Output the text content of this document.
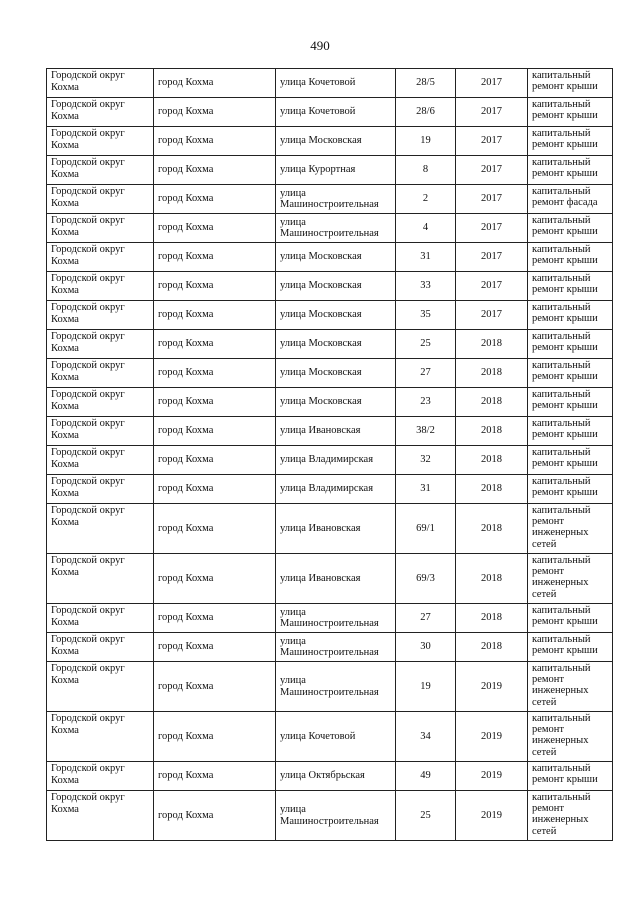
490
Городской округ Кохма	город Кохма	улица Кочетовой	28/5	2017	капитальный ремонт крыши
Городской округ Кохма	город Кохма	улица Кочетовой	28/6	2017	капитальный ремонт крыши
Городской округ Кохма	город Кохма	улица Московская	19	2017	капитальный ремонт крыши
Городской округ Кохма	город Кохма	улица Курортная	8	2017	капитальный ремонт крыши
Городской округ Кохма	город Кохма	улица Машиностроительная	2	2017	капитальный ремонт фасада
Городской округ Кохма	город Кохма	улица Машиностроительная	4	2017	капитальный ремонт крыши
Городской округ Кохма	город Кохма	улица Московская	31	2017	капитальный ремонт крыши
Городской округ Кохма	город Кохма	улица Московская	33	2017	капитальный ремонт крыши
Городской округ Кохма	город Кохма	улица Московская	35	2017	капитальный ремонт крыши
Городской округ Кохма	город Кохма	улица Московская	25	2018	капитальный ремонт крыши
Городской округ Кохма	город Кохма	улица Московская	27	2018	капитальный ремонт крыши
Городской округ Кохма	город Кохма	улица Московская	23	2018	капитальный ремонт крыши
Городской округ Кохма	город Кохма	улица Ивановская	38/2	2018	капитальный ремонт крыши
Городской округ Кохма	город Кохма	улица Владимирская	32	2018	капитальный ремонт крыши
Городской округ Кохма	город Кохма	улица Владимирская	31	2018	капитальный ремонт крыши
Городской округ Кохма	город Кохма	улица Ивановская	69/1	2018	капитальный ремонт инженерных сетей
Городской округ Кохма	город Кохма	улица Ивановская	69/3	2018	капитальный ремонт инженерных сетей
Городской округ Кохма	город Кохма	улица Машиностроительная	27	2018	капитальный ремонт крыши
Городской округ Кохма	город Кохма	улица Машиностроительная	30	2018	капитальный ремонт крыши
Городской округ Кохма	город Кохма	улица Машиностроительная	19	2019	капитальный ремонт инженерных сетей
Городской округ Кохма	город Кохма	улица Кочетовой	34	2019	капитальный ремонт инженерных сетей
Городской округ Кохма	город Кохма	улица Октябрьская	49	2019	капитальный ремонт крыши
Городской округ Кохма	город Кохма	улица Машиностроительная	25	2019	капитальный ремонт инженерных сетей
